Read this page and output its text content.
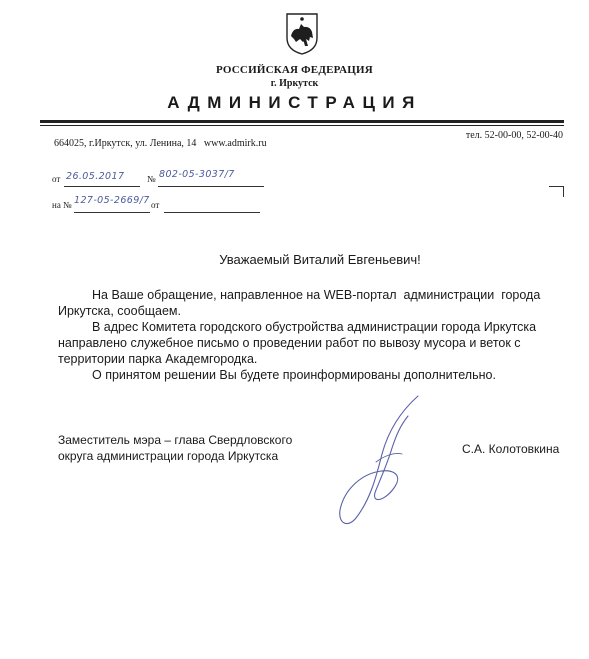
РОССИЙСКАЯ ФЕДЕРАЦИЯ
г. Иркутск
АДМИНИСТРАЦИЯ
664025, г.Иркутск, ул. Ленина, 14 www.admirk.ru
тел. 52-00-00, 52-00-40
от 26.05.2017	№ 802-05-3037/7
на № 127-05-2669/7 от
Уважаемый Виталий Евгеньевич!
На Ваше обращение, направленное на WEB-портал  администрации  города
Иркутска, сообщаем.
В адрес Комитета городского обустройства администрации города Иркутска
направлено служебное письмо о проведении работ по вывозу мусора и веток с
территории парка Академгородка.
О принятом решении Вы будете проинформированы дополнительно.
Заместитель мэра – глава Свердловского
округа администрации города Иркутска	С.А. Колотовкина
